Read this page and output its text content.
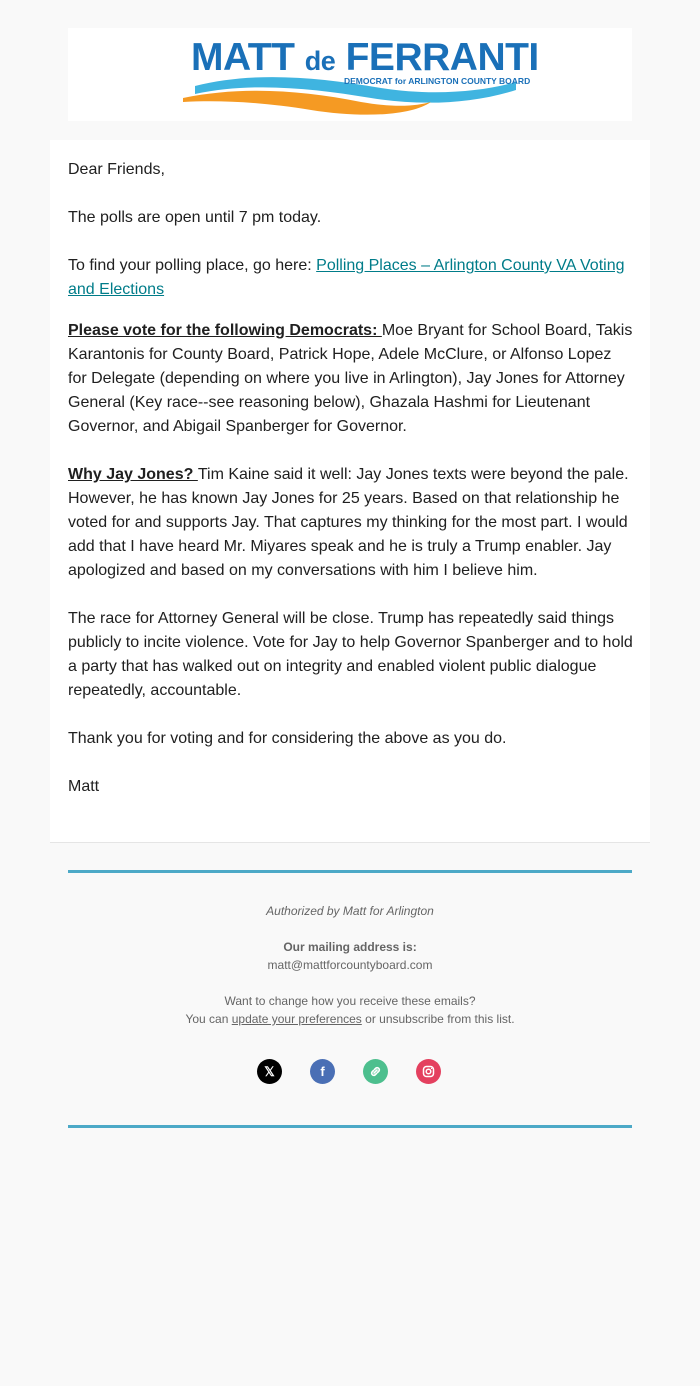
MATT de FERRANTI
DEMOCRAT for ARLINGTON COUNTY BOARD

Dear Friends,

The polls are open until 7 pm today.

To find your polling place, go here: Polling Places – Arlington County VA Voting and Elections

Please vote for the following Democrats: Moe Bryant for School Board, Takis Karantonis for County Board, Patrick Hope, Adele McClure, or Alfonso Lopez for Delegate (depending on where you live in Arlington), Jay Jones for Attorney General (Key race--see reasoning below), Ghazala Hashmi for Lieutenant Governor, and Abigail Spanberger for Governor.

Why Jay Jones? Tim Kaine said it well: Jay Jones texts were beyond the pale. However, he has known Jay Jones for 25 years. Based on that relationship he voted for and supports Jay. That captures my thinking for the most part. I would add that I have heard Mr. Miyares speak and he is truly a Trump enabler. Jay apologized and based on my conversations with him I believe him.

The race for Attorney General will be close. Trump has repeatedly said things publicly to incite violence. Vote for Jay to help Governor Spanberger and to hold a party that has walked out on integrity and enabled violent public dialogue repeatedly, accountable.

Thank you for voting and for considering the above as you do.

Matt

Authorized by Matt for Arlington

Our mailing address is:

matt@mattforcountyboard.com

Want to change how you receive these emails?

You can update your preferences or unsubscribe from this list.

𝕏	f
